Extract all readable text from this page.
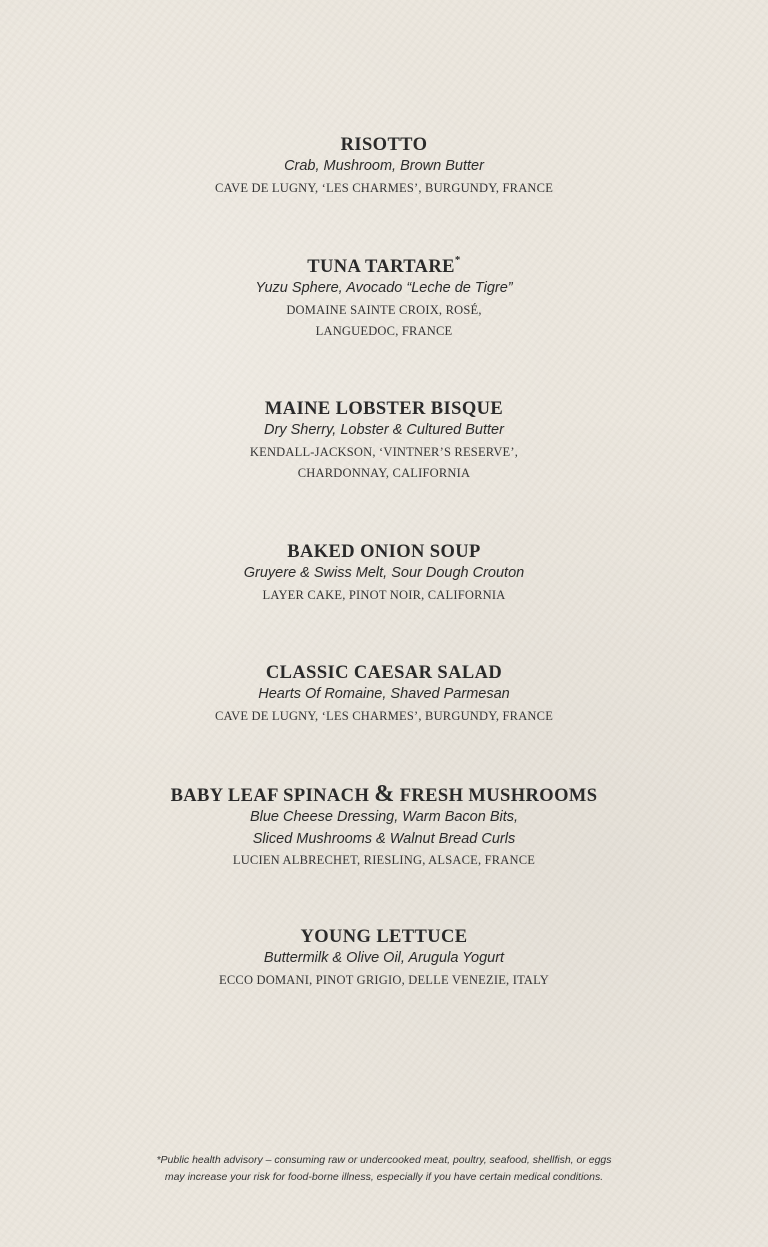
RISOTTO

Crab, Mushroom, Brown Butter

CAVE DE LUGNY, ‘LES CHARMES’, BURGUNDY, FRANCE

TUNA TARTARE*

Yuzu Sphere, Avocado “Leche de Tigre”

DOMAINE SAINTE CROIX, ROSÉ,

LANGUEDOC, FRANCE

MAINE LOBSTER BISQUE

Dry Sherry, Lobster & Cultured Butter

KENDALL-JACKSON, ‘VINTNER’S RESERVE’,

CHARDONNAY, CALIFORNIA

BAKED ONION SOUP

Gruyere & Swiss Melt, Sour Dough Crouton

LAYER CAKE, PINOT NOIR, CALIFORNIA

CLASSIC CAESAR SALAD

Hearts Of Romaine, Shaved Parmesan

CAVE DE LUGNY, ‘LES CHARMES’, BURGUNDY, FRANCE

BABY LEAF SPINACH & FRESH MUSHROOMS

Blue Cheese Dressing, Warm Bacon Bits,

Sliced Mushrooms & Walnut Bread Curls

LUCIEN ALBRECHET, RIESLING, ALSACE, FRANCE

YOUNG LETTUCE

Buttermilk & Olive Oil, Arugula Yogurt

ECCO DOMANI, PINOT GRIGIO, DELLE VENEZIE, ITALY

*Public health advisory – consuming raw or undercooked meat, poultry, seafood, shellfish, or eggs

may increase your risk for food-borne illness, especially if you have certain medical conditions.
